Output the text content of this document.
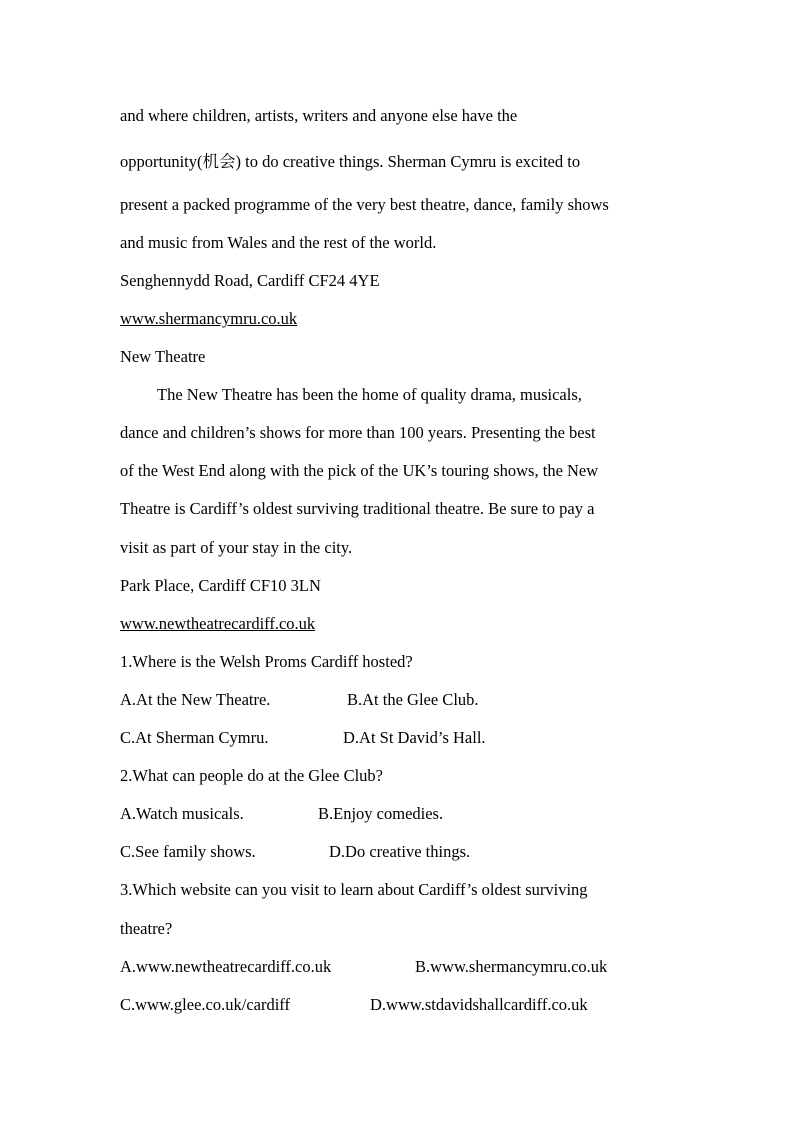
and where children, artists, writers and anyone else have the
opportunity(机会) to do creative things. Sherman Cymru is excited to
present a packed programme of the very best theatre, dance, family shows
and music from Wales and the rest of the world.
Senghennydd Road, Cardiff CF24 4YE
www.shermancymru.co.uk
New Theatre
The New Theatre has been the home of quality drama, musicals,
dance and children’s shows for more than 100 years. Presenting the best
of the West End along with the pick of the UK’s touring shows, the New
Theatre is Cardiff’s oldest surviving traditional theatre. Be sure to pay a
visit as part of your stay in the city.
Park Place, Cardiff CF10 3LN
www.newtheatrecardiff.co.uk
1.Where is the Welsh Proms Cardiff hosted?
A.At the New Theatre.	B.At the Glee Club.
C.At Sherman Cymru.	D.At St David’s Hall.
2.What can people do at the Glee Club?
A.Watch musicals.	B.Enjoy comedies.
C.See family shows.	D.Do creative things.
3.Which website can you visit to learn about Cardiff’s oldest surviving
theatre?
A.www.newtheatrecardiff.co.uk	B.www.shermancymru.co.uk
C.www.glee.co.uk/cardiff	D.www.stdavidshallcardiff.co.uk
